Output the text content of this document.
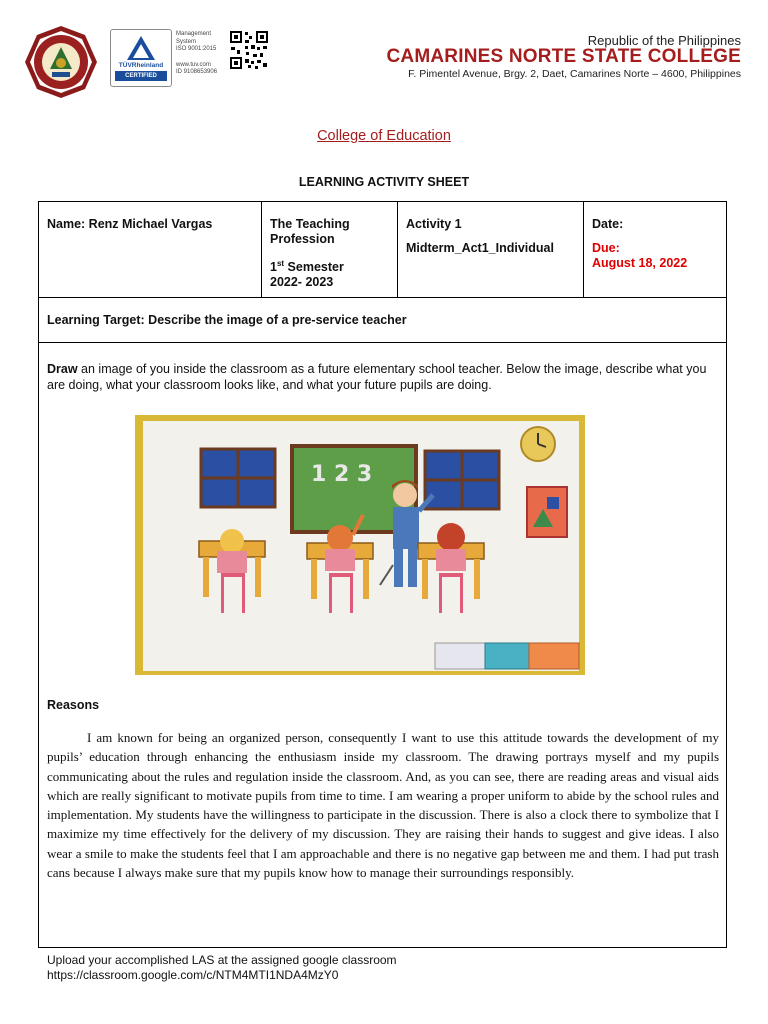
TÜVRheinland
CERTIFIED
Management
System
ISO 9001:2015
www.tuv.com
ID 9108653906
Republic of the Philippines
CAMARINES NORTE STATE COLLEGE
F. Pimentel Avenue, Brgy. 2, Daet, Camarines Norte – 4600, Philippines
College of Education
LEARNING ACTIVITY SHEET
Name: Renz Michael Vargas	The Teaching Profession
1st Semester
2022- 2023
Activity 1
Midterm_Act1_Individual
Date:
Due:
August 18, 2022
Learning Target: Describe the image of a pre-service teacher
Draw an image of you inside the classroom as a future elementary school teacher. Below the image, describe what you are doing, what your classroom looks like, and what your future pupils are doing.
1 2 3
Reasons
I am known for being an organized person, consequently I want to use this attitude towards the development of my pupils’ education through enhancing the enthusiasm inside my classroom. The drawing portrays myself and my pupils communicating about the rules and regulation inside the classroom. And, as you can see, there are reading areas and visual aids which are really significant to motivate pupils from time to time. I am wearing a proper uniform to abide by the school rules and implementation. My students have the willingness to participate in the discussion. There is also a clock there to symbolize that I maximize my time effectively for the delivery of my discussion. They are raising their hands to suggest and give ideas. I also wear a smile to make the students feel that I am approachable and there is no negative gap between me and them. I had put trash cans because I always make sure that my pupils know how to manage their surroundings responsibly.
Upload your accomplished LAS at the assigned google classroom
https://classroom.google.com/c/NTM4MTI1NDA4MzY0
